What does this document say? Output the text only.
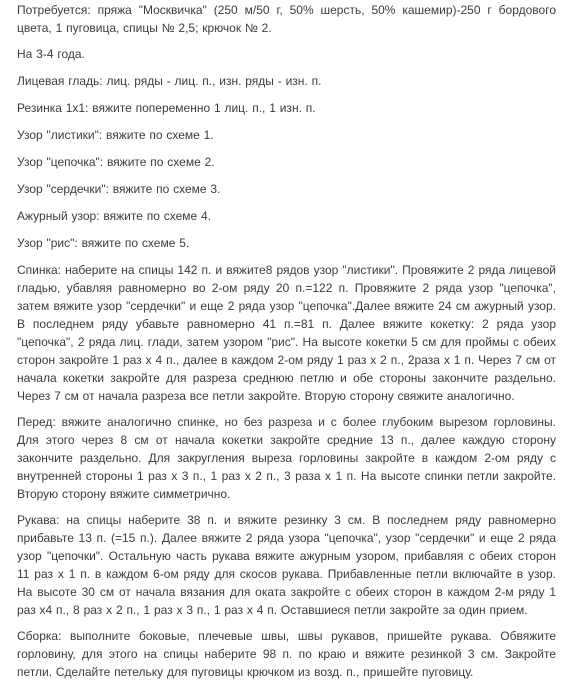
Потребуется: пряжа "Москвичка" (250 м/50 г, 50% шерсть, 50% кашемир)-250 г бордового цвета, 1 пуговица, спицы № 2,5; крючок № 2.

На 3-4 года.

Лицевая гладь: лиц. ряды - лиц. п., изн. ряды - изн. п.

Резинка 1х1: вяжите попеременно 1 лиц. п., 1 изн. п.

Узор "листики": вяжите по схеме 1.

Узор "цепочка": вяжите по схеме 2.

Узор "сердечки": вяжите по схеме 3.

Ажурный узор: вяжите по схеме 4.

Узор "рис": вяжите по схеме 5.

Спинка: наберите на спицы 142 п. и вяжите8 рядов узор "листики". Провяжите 2 ряда лицевой гладью, убавляя равномерно во 2-ом ряду 20 п.=122 п. Провяжите 2 ряда узор "цепочка", затем вяжите узор "сердечки" и еще 2 ряда узор "цепочка".Далее вяжите 24 см ажурный узор. В последнем ряду убавьте равномерно 41 п.=81 п. Далее вяжите кокетку: 2 ряда узор "цепочка", 2 ряда лиц. глади, затем узором "рис". На высоте кокетки 5 см для проймы с обеих сторон закройте 1 раз х 4 п., далее в каждом 2-ом ряду 1 раз х 2 п., 2раза х 1 п. Через 7 см от начала кокетки закройте для разреза среднюю петлю и обе стороны закончите раздельно. Через 7 см от начала разреза все петли закройте. Вторую сторону свяжите аналогично.

Перед: вяжите аналогично спинке, но без разреза и с более глубоким вырезом горловины. Для этого через 8 см от начала кокетки закройте средние 13 п., далее каждую сторону закончите раздельно. Для закругления выреза горловины закройте в каждом 2-ом ряду с внутренней стороны 1 раз х 3 п., 1 раз х 2 п., 3 раза х 1 п. На высоте спинки петли закройте. Вторую сторону вяжите симметрично.

Рукава: на спицы наберите 38 п. и вяжите резинку 3 см. В последнем ряду равномерно прибавьте 13 п. (=15 п.). Далее вяжите 2 ряда узора "цепочка", узор "сердечки" и еще 2 ряда узор "цепочки". Остальную часть рукава вяжите ажурным узором, прибавляя с обеих сторон 11 раз х 1 п. в каждом 6-ом ряду для скосов рукава. Прибавленные петли включайте в узор. На высоте 30 см от начала вязания для оката закройте с обеих сторон в каждом 2-м ряду 1 раз х4 п., 8 раз х 2 п., 1 раз х 3 п., 1 раз х 4 п. Оставшиеся петли закройте за один прием.

Сборка: выполните боковые, плечевые швы, швы рукавов, пришейте рукава. Обвяжите горловину, для этого на спицы наберите 98 п. по краю и вяжите резинкой 3 см. Закройте петли. Сделайте петельку для пуговицы крючком из возд. п., пришейте пуговицу.
